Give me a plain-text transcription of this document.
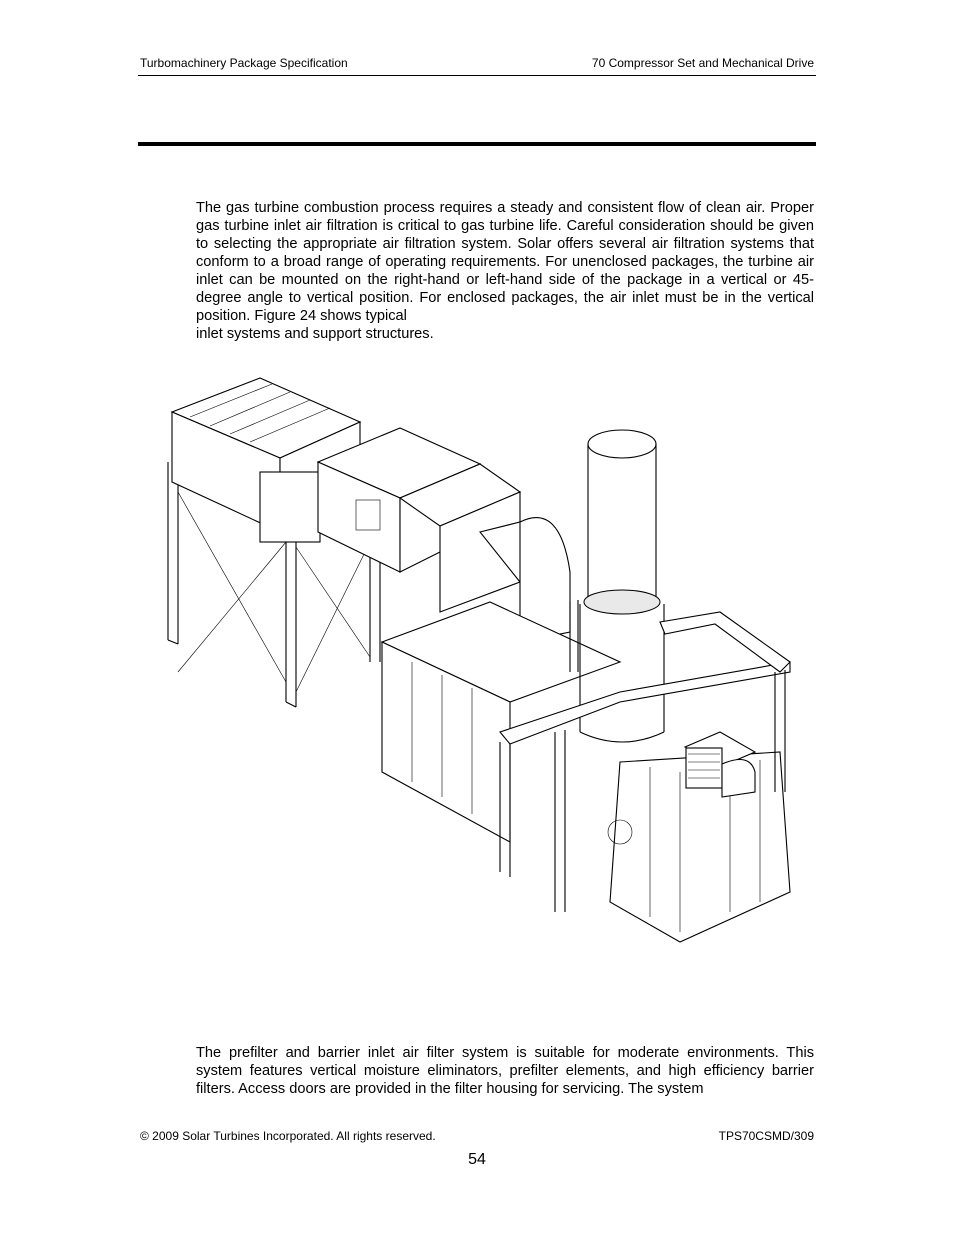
Turbomachinery Package Specification	70 Compressor Set and Mechanical Drive

The gas turbine combustion process requires a steady and consistent flow of clean air. Proper gas turbine inlet air filtration is critical to gas turbine life. Careful consideration should be given to selecting the appropriate air filtration system. Solar offers several air filtration systems that conform to a broad range of operating requirements. For unenclosed packages, the turbine air inlet can be mounted on the right-hand or left-hand side of the package in a vertical or 45-degree angle to vertical position. For enclosed packages, the air inlet must be in the vertical position. Figure 24 shows typical

inlet systems and support structures.

The prefilter and barrier inlet air filter system is suitable for moderate environments. This system features vertical moisture eliminators, prefilter elements, and high efficiency barrier filters. Access doors are provided in the filter housing for servicing. The system

© 2009 Solar Turbines Incorporated. All rights reserved.	TPS70CSMD/309
54
